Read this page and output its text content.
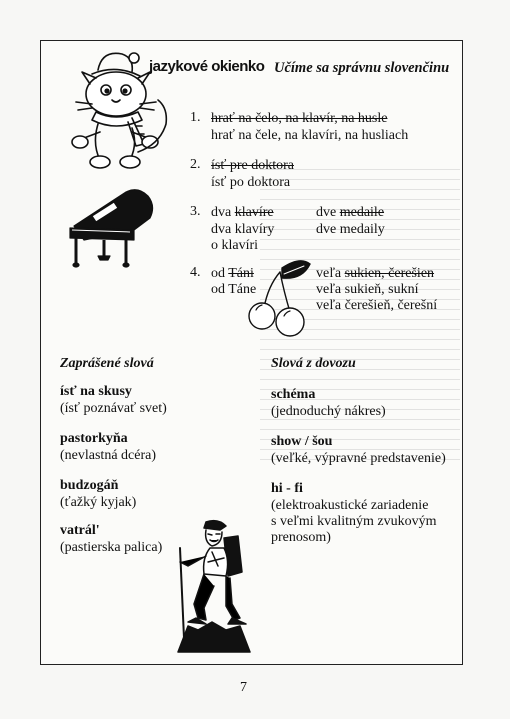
jazykové okienko Učíme sa správnu slovenčinu
1. hrať na čelo, na klavír, na husle
hrať na čele, na klavíri, na husliach
2. ísť pre doktora
ísť po doktora
3. dva klavíre
dva klavíry
o klavíri
dve medaile
dve medaily
4. od Táni
od Táne
veľa sukien, čerešien
veľa sukieň, sukní
veľa čerešieň, čerešní
Zaprášené slová
ísť na skusy
(ísť poznávať svet)
pastorkyňa
(nevlastná dcéra)
budzogáň
(ťažký kyjak)
vatrál'
(pastierska palica)
Slová z dovozu
schéma
(jednoduchý nákres)
show / šou
(veľké, výpravné predstavenie)
hi - fi
(elektroakustické zariadenie
s veľmi kvalitným zvukovým
prenosom)
7
